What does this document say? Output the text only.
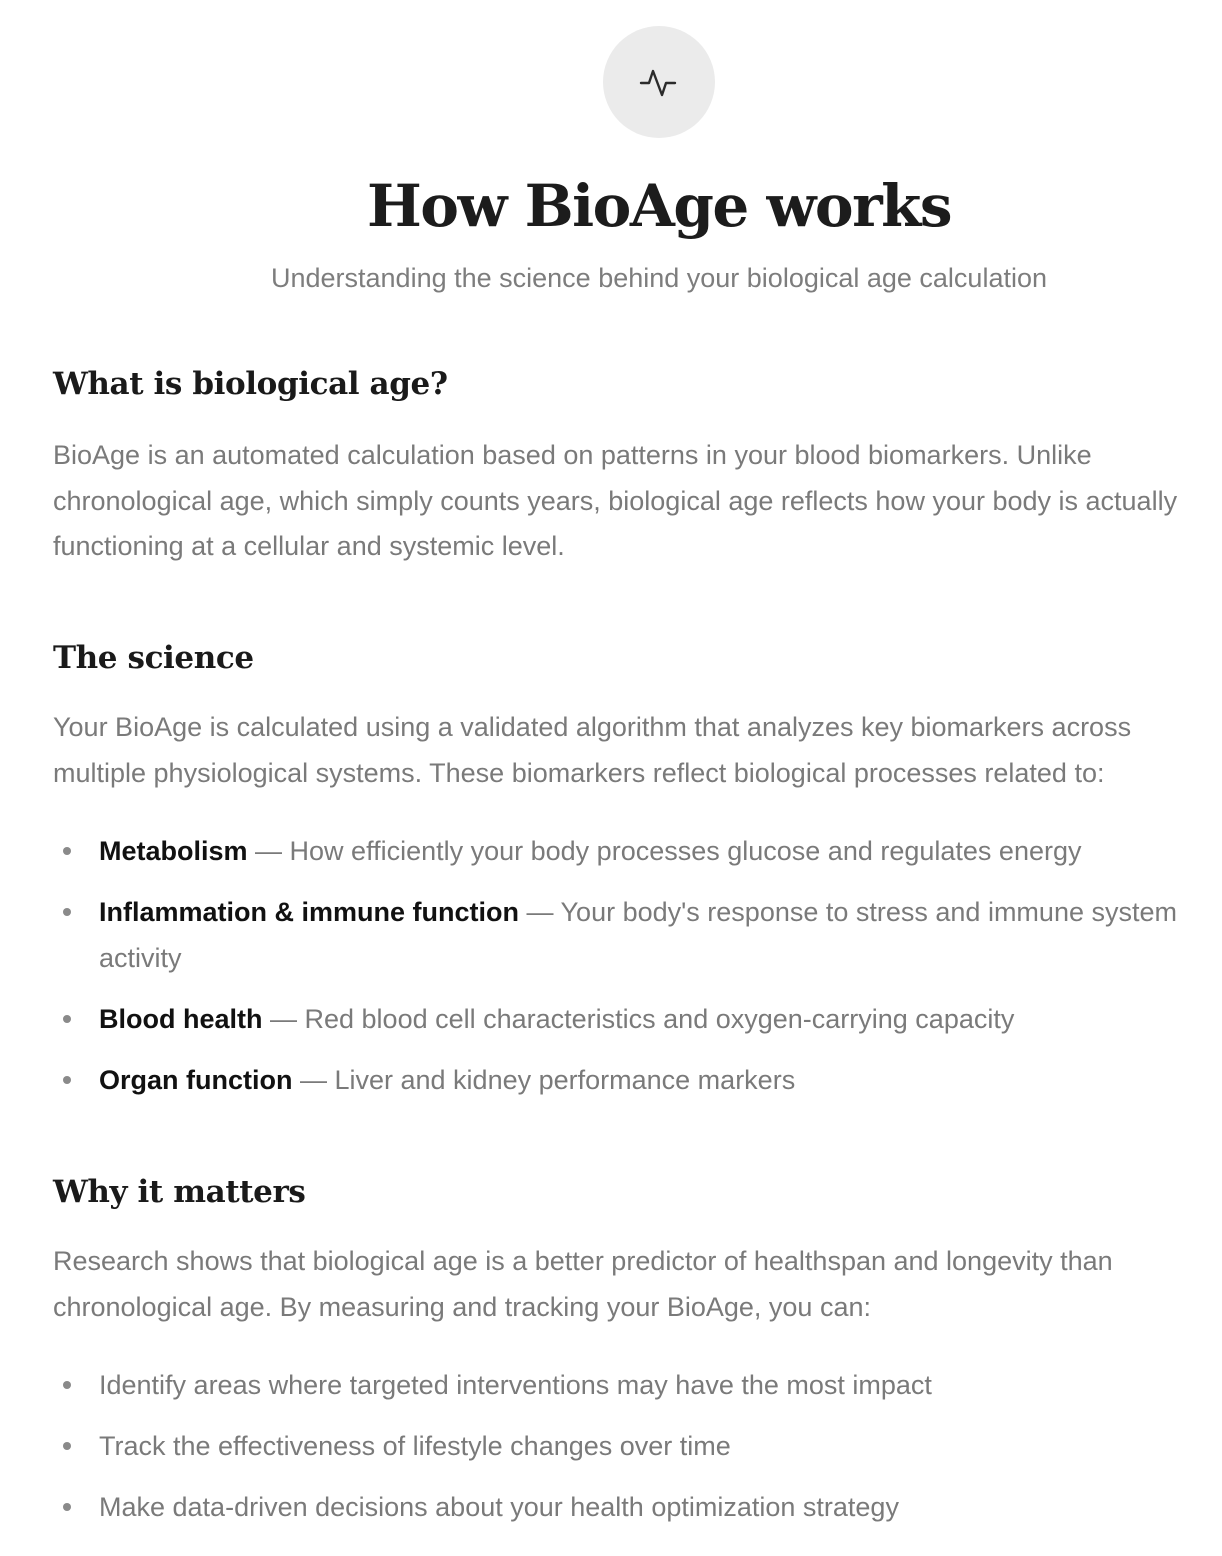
How BioAge works

Understanding the science behind your biological age calculation

What is biological age?

BioAge is an automated calculation based on patterns in your blood biomarkers. Unlike chronological age, which simply counts years, biological age reflects how your body is actually functioning at a cellular and systemic level.

The science

Your BioAge is calculated using a validated algorithm that analyzes key biomarkers across multiple physiological systems. These biomarkers reflect biological processes related to:

Metabolism — How efficiently your body processes glucose and regulates energy
Inflammation & immune function — Your body's response to stress and immune system activity
Blood health — Red blood cell characteristics and oxygen-carrying capacity
Organ function — Liver and kidney performance markers
Why it matters

Research shows that biological age is a better predictor of healthspan and longevity than chronological age. By measuring and tracking your BioAge, you can:

Identify areas where targeted interventions may have the most impact
Track the effectiveness of lifestyle changes over time
Make data-driven decisions about your health optimization strategy
